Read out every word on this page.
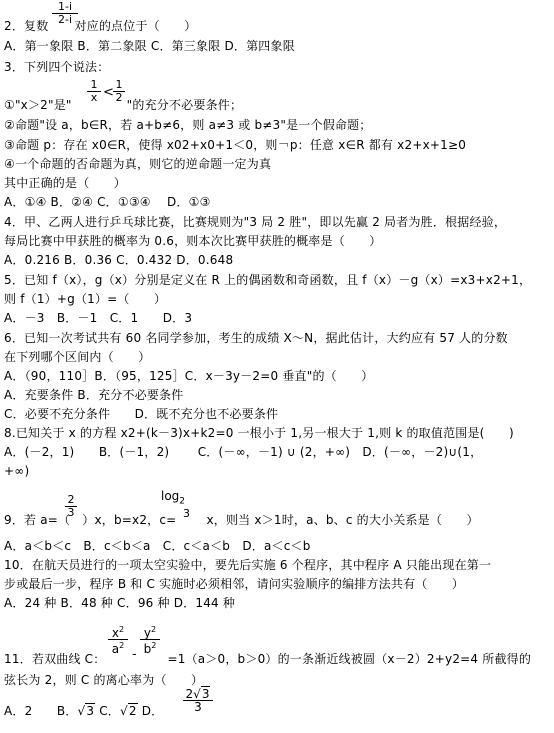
1-i
2-i
2．复数 对应的点位于（　　）
A．第一象限 B．第二象限 C．第三象限 D．第四象限
3．下列四个说法：
1
x <
1
2
①"x＞2"是"	"的充分不必要条件；
②命题"设 a，b∈R，若 a+b≠6，则 a≠3 或 b≠3"是一个假命题；
③命题 p：存在 x0∈R，使得 x02+x0+1＜0，则￢p：任意 x∈R 都有 x2+x+1≥0
④一个命题的否命题为真，则它的逆命题一定为真
其中正确的是（　　）
A．①④ B．②④ C．①③④　 D．①③
4．甲、乙两人进行乒乓球比赛，比赛规则为"3 局 2 胜"，即以先赢 2 局者为胜．根据经验，
每局比赛中甲获胜的概率为 0.6，则本次比赛甲获胜的概率是（　　）
A．0.216 B．0.36 C．0.432 D．0.648
5．已知 f（x），g（x）分别是定义在 R 上的偶函数和奇函数，且 f（x）－g（x）=x3+x2+1，
则 f（1）+g（1）=（　　）
A．－3　B．－1　C．1　　D．3
6．已知一次考试共有 60 名同学参加，考生的成绩 X～N，据此估计，大约应有 57 人的分数
在下列哪个区间内（　　）
A．（90，110］B．（95，125］C．x－3y－2=0 垂直"的（　　）
A．充要条件 B．充分不必要条件
C．必要不充分条件　　D．既不充分也不必要条件
8.已知关于 x 的方程 x2+(k－3)x+k2=0 一根小于 1,另一根大于 1,则 k 的取值范围是(　　)
A．(－2，1)　　B．(－1，2)　　 C．(－∞，－1) ∪ (2，+∞)　D．(－∞，－2)∪(1，
+∞)
2
3
$\log_2$
3
9．若 a=（ ）x，b=x2，c=	x，则当 x＞1时，a、b、c 的大小关系是（　　）
A．a＜b＜c　B．c＜b＜a　C．c＜a＜b　D．a＜c＜b
10．在航天员进行的一项太空实验中，要先后实施 6 个程序，其中程序 A 只能出现在第一
步或最后一步，程序 B 和 C 实施时必须相邻，请问实验顺序的编排方法共有（　　）
A．24 种 B．48 种 C．96 种 D．144 种
$x^2$
$a^2$
-
$y^2$
$b^2$
11．若双曲线 C：	=1（a＞0，b＞0）的一条渐近线被圆（x－2）2+y2=4 所截得的
弦长为 2，则 C 的离心率为（　　）
2√3
3
A．2　　B．√3 C．√2 D．
